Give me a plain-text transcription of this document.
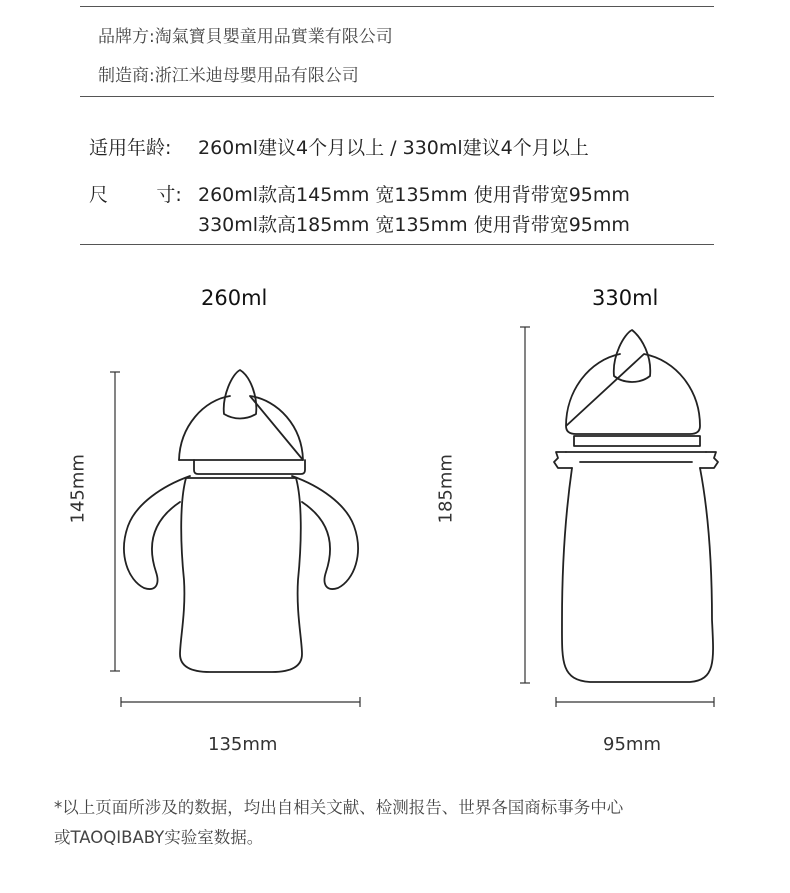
品牌方:淘氣寶貝嬰童用品實業有限公司
制造商:浙江米迪母嬰用品有限公司
适用年龄: 260ml建议4个月以上 / 330ml建议4个月以上
尺        寸: 260ml款高145mm 宽135mm 使用背带宽95mm
330ml款高185mm 宽135mm 使用背带宽95mm
260ml	330ml
145mm	185mm
135mm	95mm
*以上页面所涉及的数据，均出自相关文献、检测报告、世界各国商标事务中心
或TAOQIBABY实验室数据。
